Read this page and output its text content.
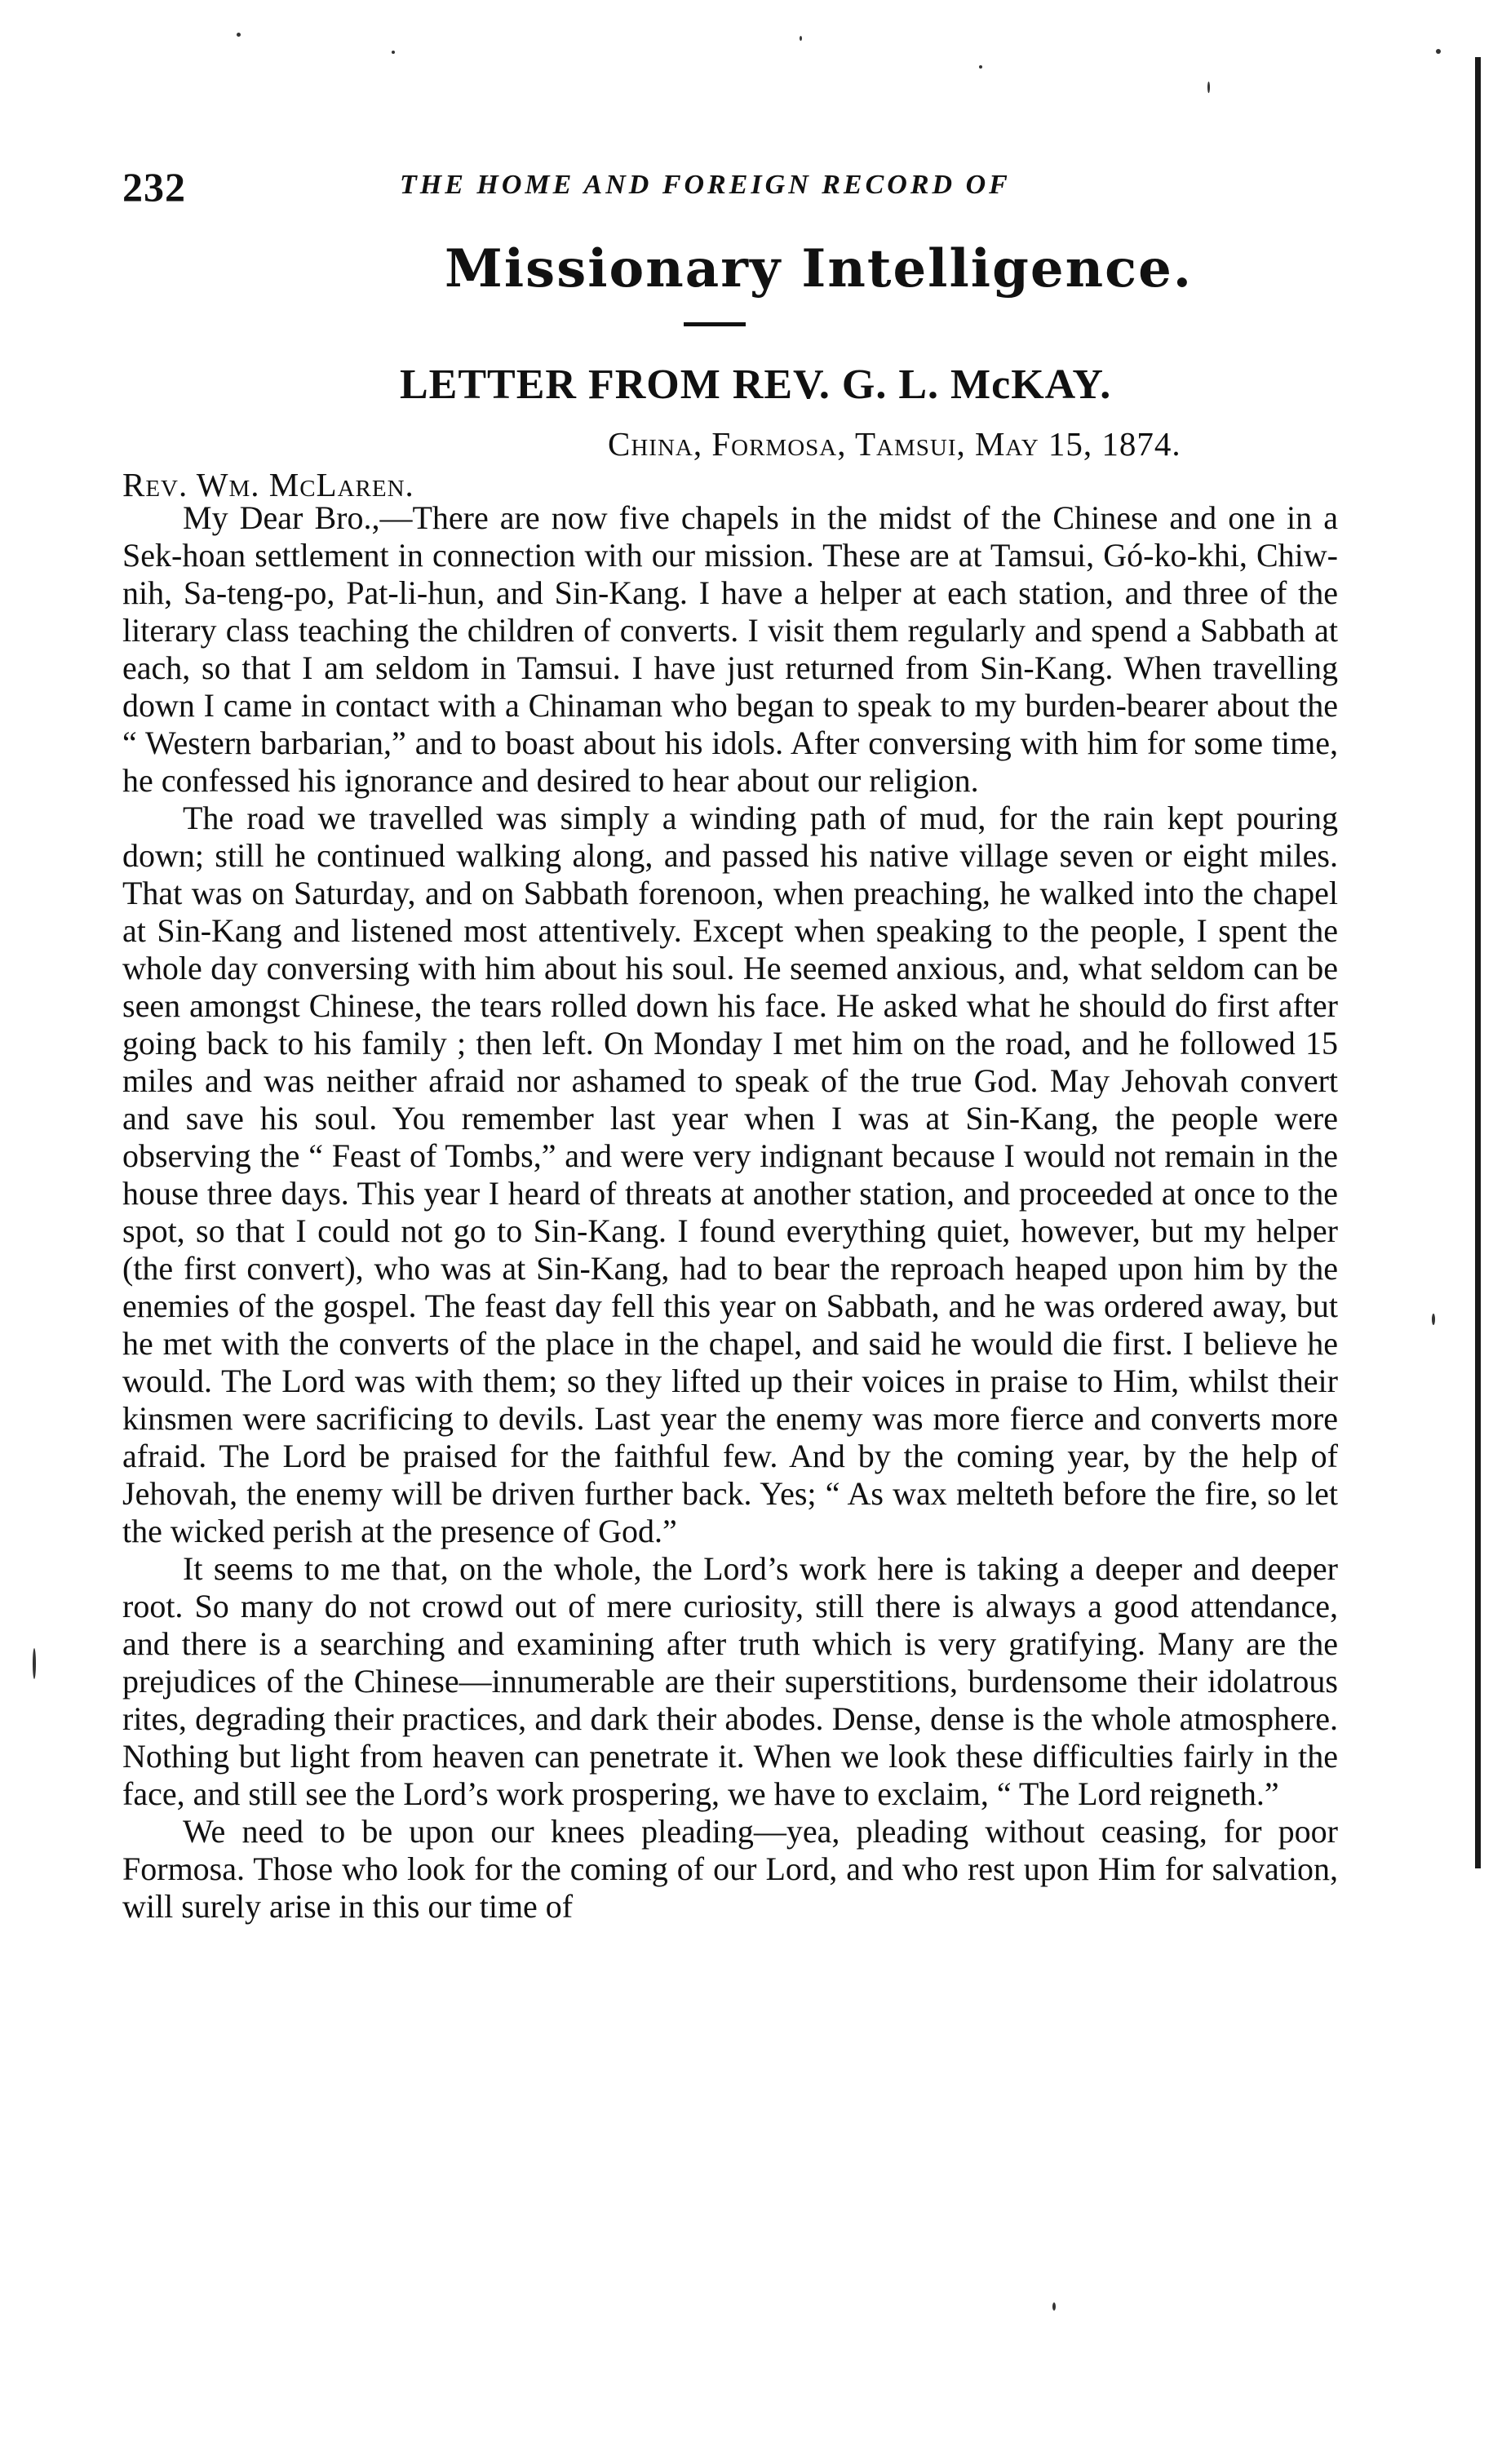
232	THE HOME AND FOREIGN RECORD OF
Missionary Intelligence.
LETTER FROM REV. G. L. McKAY.
China, Formosa, Tamsui, May 15, 1874.
Rev. Wm. McLaren.

My Dear Bro.,—There are now five chapels in the midst of the Chinese and one in a Sek-hoan settlement in connection with our mission. These are at Tamsui, Gó-ko-khi, Chiw-nih, Sa-teng-po, Pat-li-hun, and Sin-Kang. I have a helper at each station, and three of the literary class teaching the children of converts. I visit them regularly and spend a Sabbath at each, so that I am seldom in Tamsui. I have just returned from Sin-Kang. When travelling down I came in contact with a Chinaman who began to speak to my burden-bearer about the “ Western barbarian,” and to boast about his idols. After conversing with him for some time, he confessed his ignorance and desired to hear about our religion.

The road we travelled was simply a winding path of mud, for the rain kept pouring down; still he continued walking along, and passed his native village seven or eight miles. That was on Saturday, and on Sabbath forenoon, when preaching, he walked into the chapel at Sin-Kang and listened most attentively. Except when speaking to the people, I spent the whole day conversing with him about his soul. He seemed anxious, and, what seldom can be seen amongst Chinese, the tears rolled down his face. He asked what he should do first after going back to his family ; then left. On Monday I met him on the road, and he followed 15 miles and was neither afraid nor ashamed to speak of the true God. May Jehovah convert and save his soul. You remember last year when I was at Sin-Kang, the people were observing the “ Feast of Tombs,” and were very indignant because I would not remain in the house three days. This year I heard of threats at another station, and proceeded at once to the spot, so that I could not go to Sin-Kang. I found everything quiet, however, but my helper (the first convert), who was at Sin-Kang, had to bear the reproach heaped upon him by the enemies of the gospel. The feast day fell this year on Sabbath, and he was ordered away, but he met with the converts of the place in the chapel, and said he would die first. I believe he would. The Lord was with them; so they lifted up their voices in praise to Him, whilst their kinsmen were sacrificing to devils. Last year the enemy was more fierce and converts more afraid. The Lord be praised for the faithful few. And by the coming year, by the help of Jehovah, the enemy will be driven further back. Yes; “ As wax melteth before the fire, so let the wicked perish at the presence of God.”

It seems to me that, on the whole, the Lord’s work here is taking a deeper and deeper root. So many do not crowd out of mere curiosity, still there is always a good attendance, and there is a searching and examining after truth which is very gratifying. Many are the prejudices of the Chinese—innumerable are their superstitions, burdensome their idolatrous rites, degrading their practices, and dark their abodes. Dense, dense is the whole atmosphere. Nothing but light from heaven can penetrate it. When we look these difficulties fairly in the face, and still see the Lord’s work prospering, we have to exclaim, “ The Lord reigneth.”

We need to be upon our knees pleading—yea, pleading without ceasing, for poor Formosa. Those who look for the coming of our Lord, and who rest upon Him for salvation, will surely arise in this our time of
